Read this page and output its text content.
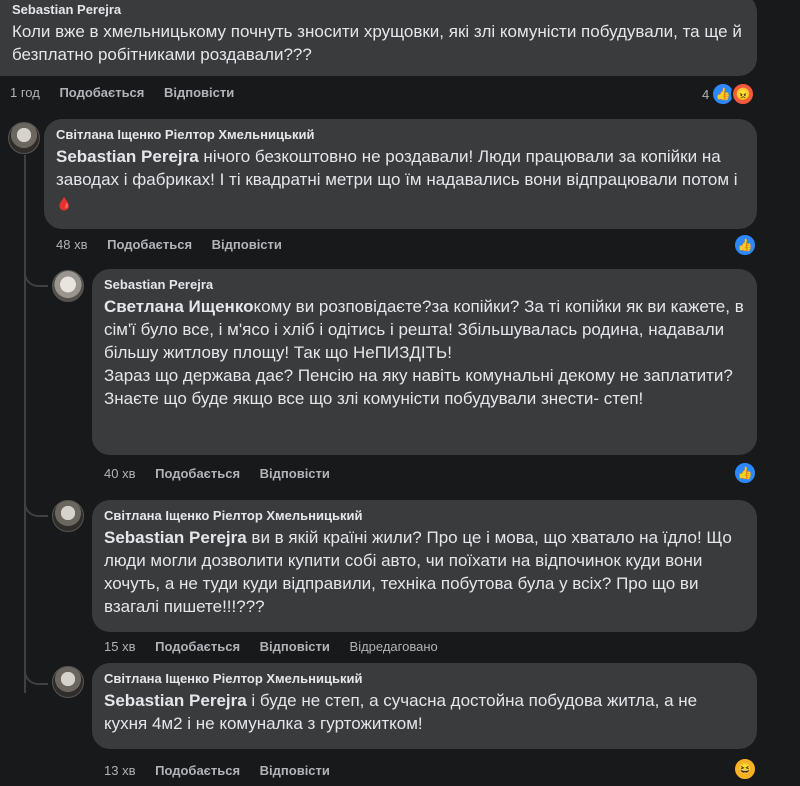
Sebastian Perejra
Коли вже в хмельницькому почнуть зносити хрущовки, які злі комуністи побудували, та ще й безплатно робітниками роздавали???
1 год Подобається Відповісти	4 👍 😠
Світлана Іщенко Ріелтор Хмельницький
Sebastian Perejra нічого безкоштовно не роздавали! Люди працювали за копійки на заводах і фабриках! І ті квадратні метри що їм надавались вони відпрацювали потом і 🩸
48 хв Подобається Відповісти	👍
Sebastian Perejra
Светлана Ищенкокому ви розповідаєте?за копійки? За ті копійки як ви кажете, в сім'ї було все, і м'ясо і хліб і одітись і решта! Збільшувалась родина, надавали більшу житлову площу! Так що НеПИЗДІТЬ!
Зараз що держава дає? Пенсію на яку навіть комунальні декому не заплатити?
Знаєте що буде якщо все що злі комуністи побудували знести- степ!
40 хв Подобається Відповісти	👍
Світлана Іщенко Ріелтор Хмельницький
Sebastian Perejra ви в якій країні жили? Про це і мова, що хватало на їдло! Що люди могли дозволити купити собі авто, чи поїхати на відпочинок куди вони хочуть, а не туди куди відправили, техніка побутова була у всіх? Про що ви взагалі пишете!!!???
15 хв Подобається Відповісти Відредаговано
Світлана Іщенко Ріелтор Хмельницький
Sebastian Perejra і буде не степ, а сучасна достойна побудова житла, а не кухня 4м2 і не комуналка з гуртожитком!
13 хв Подобається Відповісти	😆
